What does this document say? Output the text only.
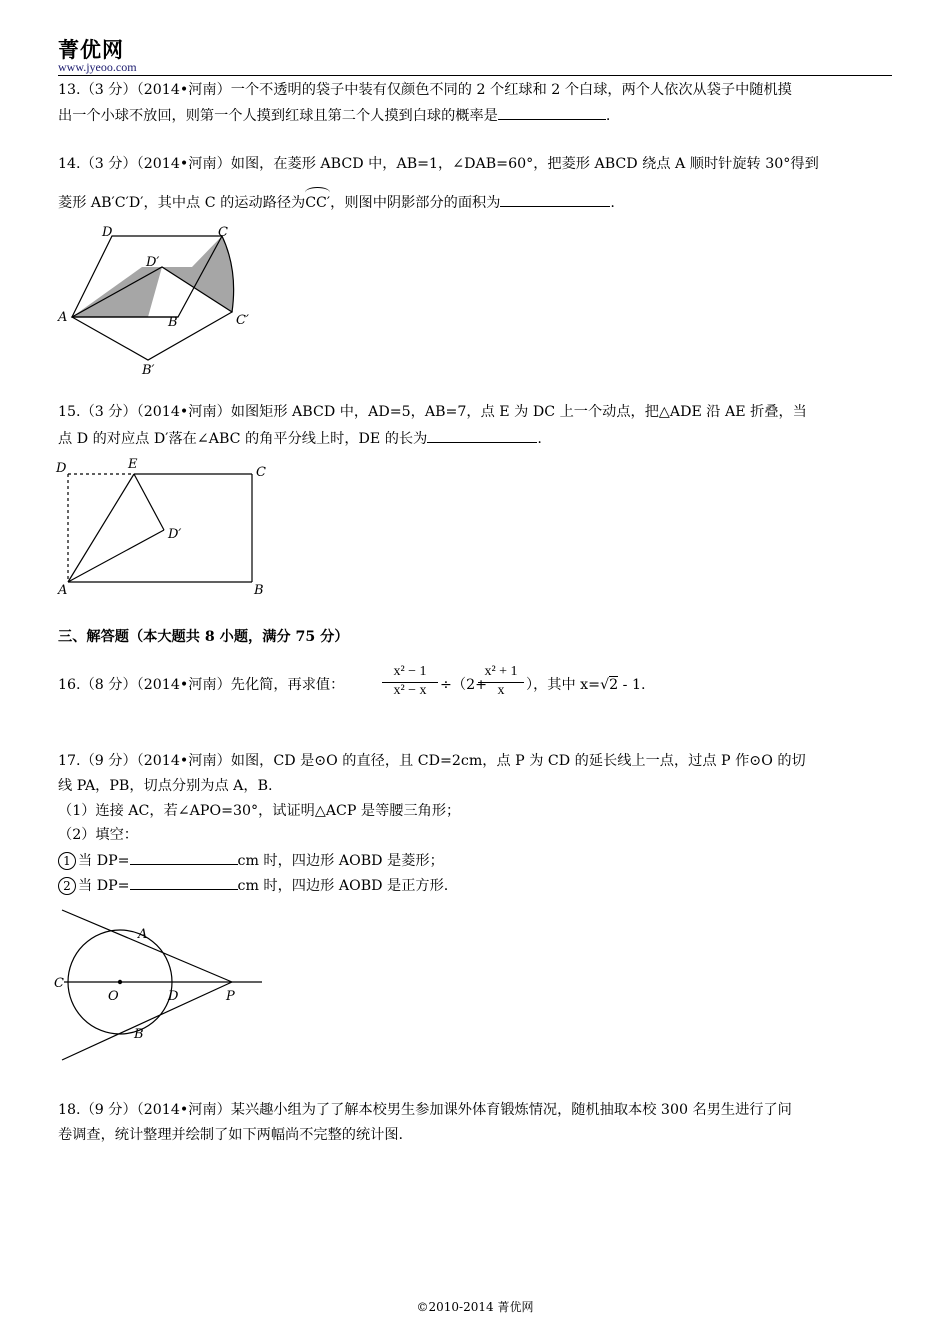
菁优网
www.jyeoo.com
13.（3 分）（2014•河南）一个不透明的袋子中装有仅颜色不同的 2 个红球和 2 个白球，两个人依次从袋子中随机摸
出一个小球不放回，则第一个人摸到红球且第二个人摸到白球的概率是	.
14.（3 分）（2014•河南）如图，在菱形 ABCD 中，AB=1，∠DAB=60°，把菱形 ABCD 绕点 A 顺时针旋转 30°得到
菱形 AB′C′D′，其中点 C 的运动路径为CC′，则图中阴影部分的面积为	.
A	B
C
D
D′
C′
B′
15.（3 分）（2014•河南）如图矩形 ABCD 中，AD=5，AB=7，点 E 为 DC 上一个动点，把△ADE 沿 AE 折叠，当
点 D 的对应点 D′落在∠ABC 的角平分线上时，DE 的长为	.
D	E
C
D′
A	B
三、解答题（本大题共 8 小题，满分 75 分）
16.（8 分）（2014•河南）先化简，再求值：	$\frac{\text{x² − 1}}{\text{x² − x}} \div(2+$
$\frac{\text{x² + 1}}{x}$ ），其中 x=√2 - 1.
17.（9 分）（2014•河南）如图，CD 是⊙O 的直径，且 CD=2cm，点 P 为 CD 的延长线上一点，过点 P 作⊙O 的切
线 PA，PB，切点分别为点 A，B.
（1）连接 AC，若∠APO=30°，试证明△ACP 是等腰三角形；
（2）填空：
1 当 DP=	cm 时，四边形 AOBD 是菱形；
2 当 DP=	cm 时，四边形 AOBD 是正方形.
A
B
C
O	D	P
18.（9 分）（2014•河南）某兴趣小组为了了解本校男生参加课外体育锻炼情况，随机抽取本校 300 名男生进行了问
卷调查，统计整理并绘制了如下两幅尚不完整的统计图.
©2010-2014 菁优网
